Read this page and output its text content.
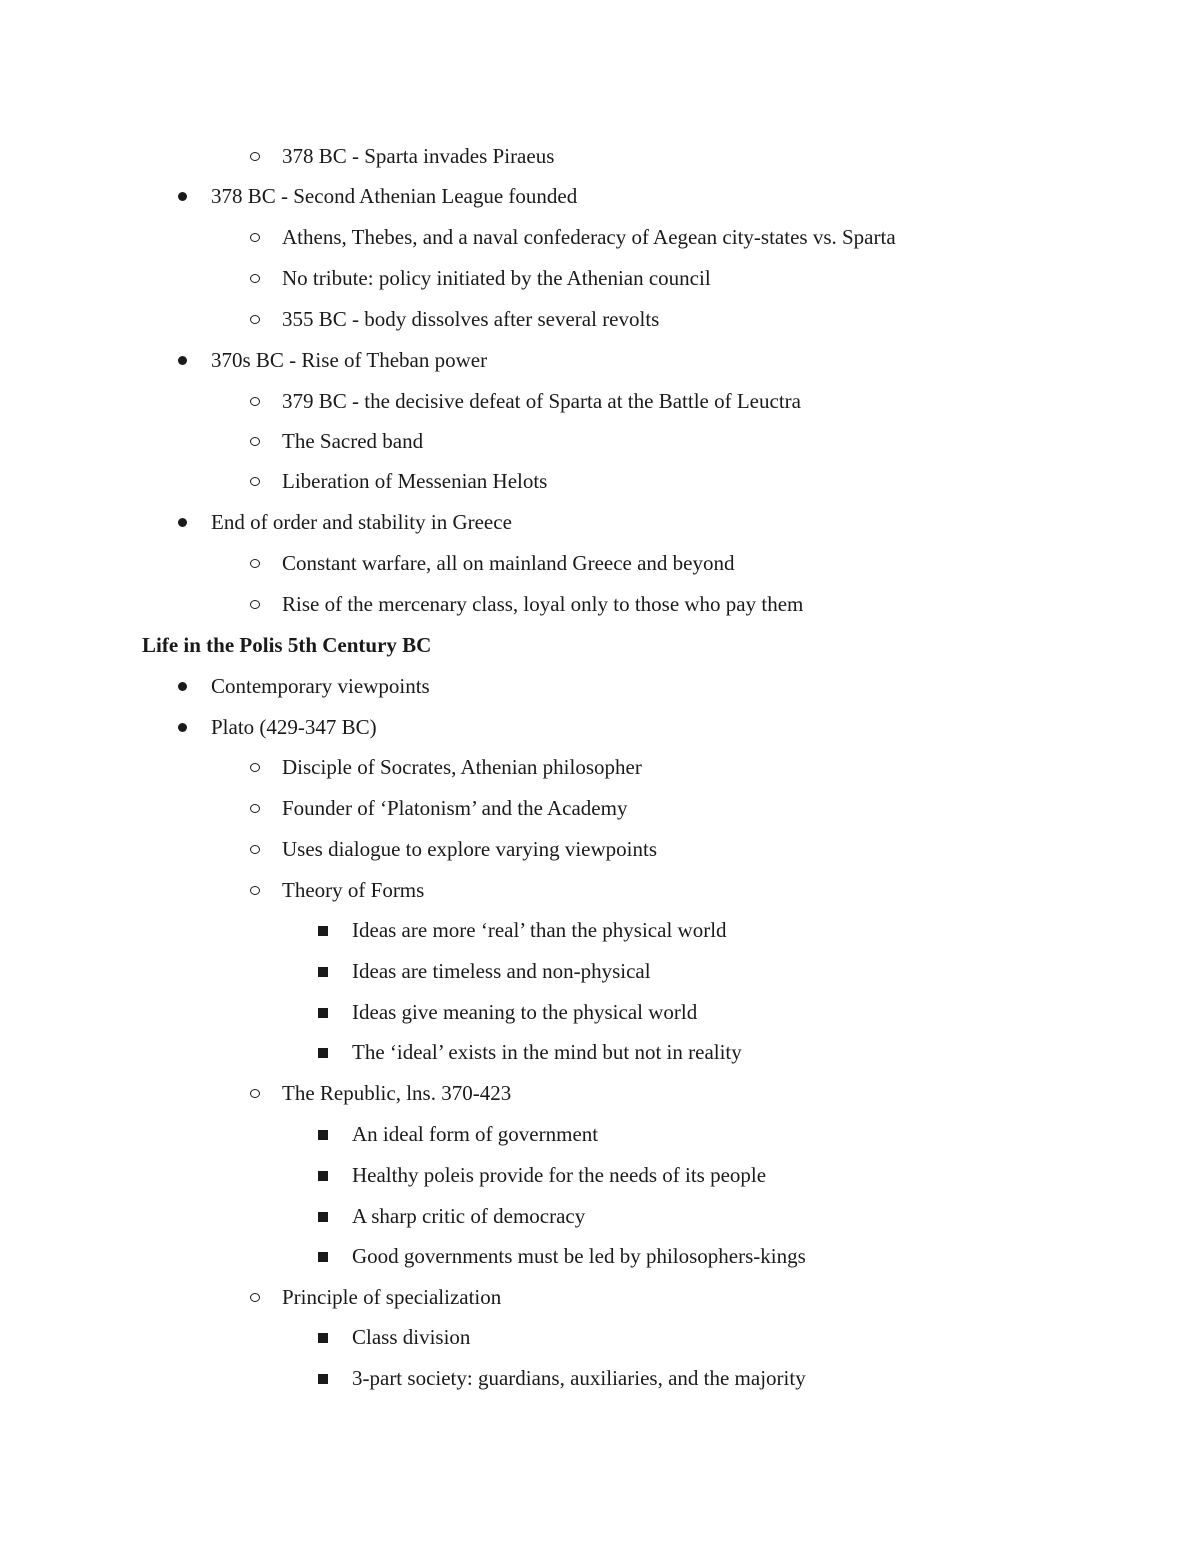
378 BC - Sparta invades Piraeus
378 BC - Second Athenian League founded
Athens, Thebes, and a naval confederacy of Aegean city-states vs. Sparta
No tribute: policy initiated by the Athenian council
355 BC - body dissolves after several revolts
370s BC - Rise of Theban power
379 BC - the decisive defeat of Sparta at the Battle of Leuctra
The Sacred band
Liberation of Messenian Helots
End of order and stability in Greece
Constant warfare, all on mainland Greece and beyond
Rise of the mercenary class, loyal only to those who pay them
Life in the Polis 5th Century BC
Contemporary viewpoints
Plato (429-347 BC)
Disciple of Socrates, Athenian philosopher
Founder of ‘Platonism’ and the Academy
Uses dialogue to explore varying viewpoints
Theory of Forms
Ideas are more ‘real’ than the physical world
Ideas are timeless and non-physical
Ideas give meaning to the physical world
The ‘ideal’ exists in the mind but not in reality
The Republic, lns. 370-423
An ideal form of government
Healthy poleis provide for the needs of its people
A sharp critic of democracy
Good governments must be led by philosophers-kings
Principle of specialization
Class division
3-part society: guardians, auxiliaries, and the majority
